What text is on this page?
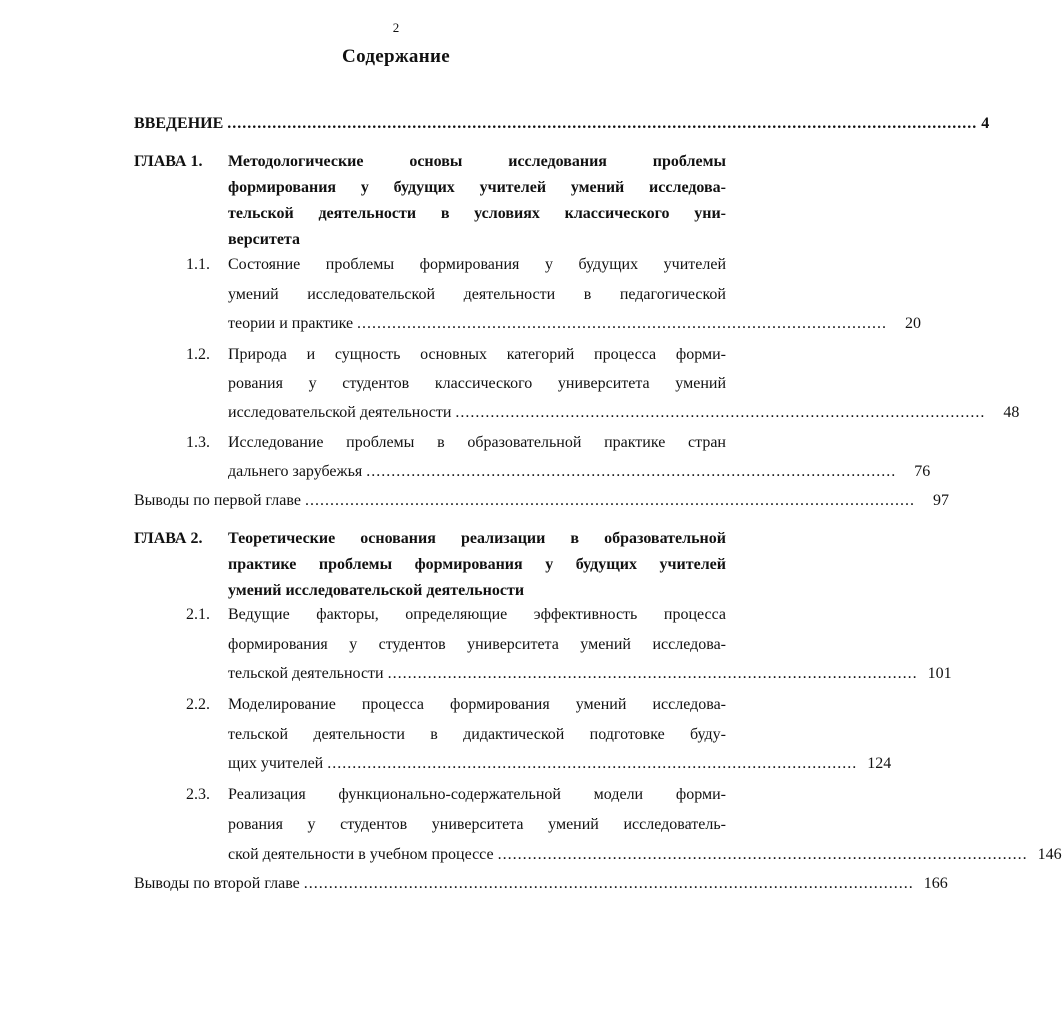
2
Содержание
ВВЕДЕНИЕ ...................................................................................................................................................... 4
ГЛАВА 1. Методологические основы исследования проблемы
формирования у будущих учителей умений исследова-
тельской деятельности в условиях классического уни-
верситета
1.1. Состояние проблемы формирования у будущих учителей
умений исследовательской деятельности в педагогической
теории и практике ..........................................................................................................	20
1.2. Природа и сущность основных категорий процесса форми-
рования у студентов классического университета умений
исследовательской деятельности ..........................................................................................................	48
1.3. Исследование проблемы в образовательной практике стран
дальнего зарубежья ..........................................................................................................	76
Выводы по первой главе ..........................................................................................................................	97
ГЛАВА 2. Теоретические основания реализации в образовательной
практике проблемы формирования у будущих учителей
умений исследовательской деятельности
2.1. Ведущие факторы, определяющие эффективность процесса
формирования у студентов университета умений исследова-
тельской деятельности .......................................................................................................... 101
2.2. Моделирование процесса формирования умений исследова-
тельской деятельности в дидактической подготовке буду-
щих учителей .......................................................................................................... 124
2.3. Реализация функционально-содержательной модели форми-
рования у студентов университета умений исследователь-
ской деятельности в учебном процессе .......................................................................................................... 146
Выводы по второй главе .......................................................................................................................... 166
